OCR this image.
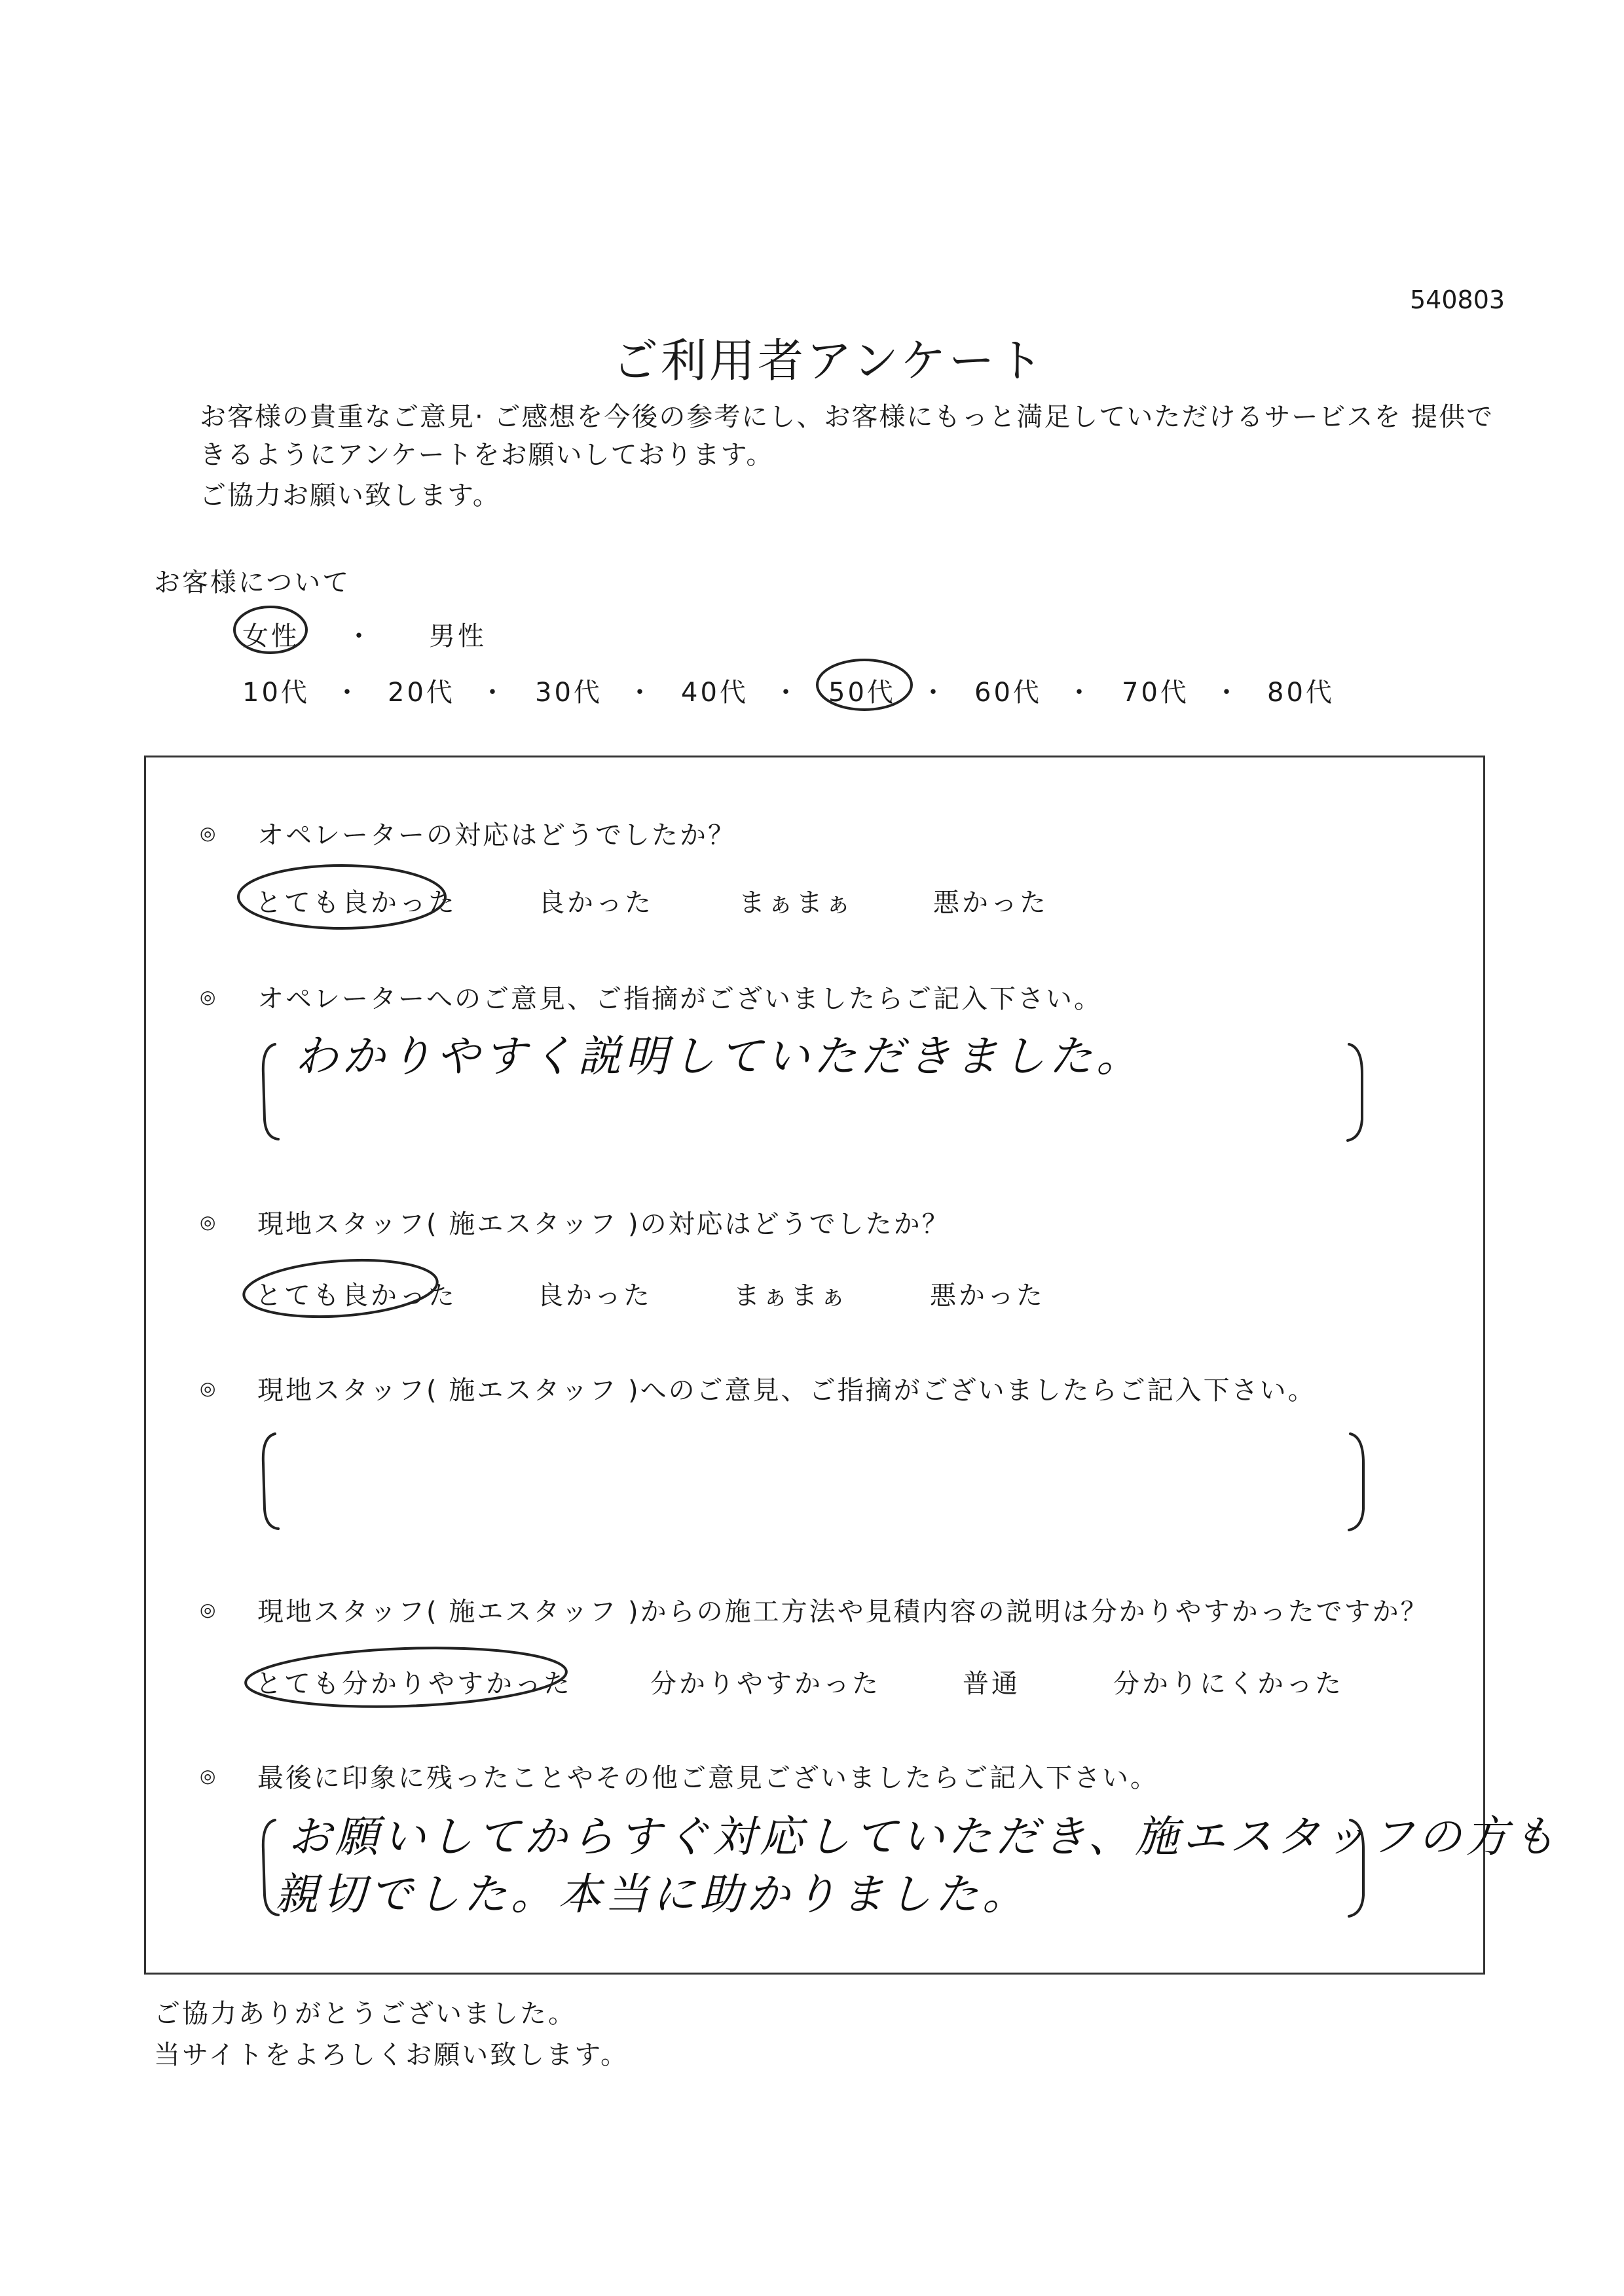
540803
ご利用者アンケート
お客様の貴重なご意見· ご感想を今後の参考にし、お客様にもっと満足していただけるサービスを 提供で
きるようにアンケートをお願いしております。
ご協力お願い致します。
お客様について
女性 ・ 男性
10代 ・ 20代 ・ 30代 ・ 40代 ・ 50代 ・ 60代 ・ 70代 ・ 80代
◎ オペレーターの対応はどうでしたか？
とても良かった	良かった	まぁまぁ	悪かった
◎ オペレーターへのご意見、ご指摘がございましたらご記入下さい。
わかりやすく説明していただきました。
◎ 現地スタッフ( 施エスタッフ )の対応はどうでしたか？
とても良かった	良かった	まぁまぁ	悪かった
◎ 現地スタッフ( 施エスタッフ )へのご意見、ご指摘がございましたらご記入下さい。
◎ 現地スタッフ( 施エスタッフ )からの施工方法や見積内容の説明は分かりやすかったですか？
とても分かりやすかった	分かりやすかった	普通	分かりにくかった
◎ 最後に印象に残ったことやその他ご意見ございましたらご記入下さい。
お願いしてからすぐ対応していただき、施エスタッフの方も
親切でした。本当に助かりました。
ご協力ありがとうございました。
当サイトをよろしくお願い致します。
